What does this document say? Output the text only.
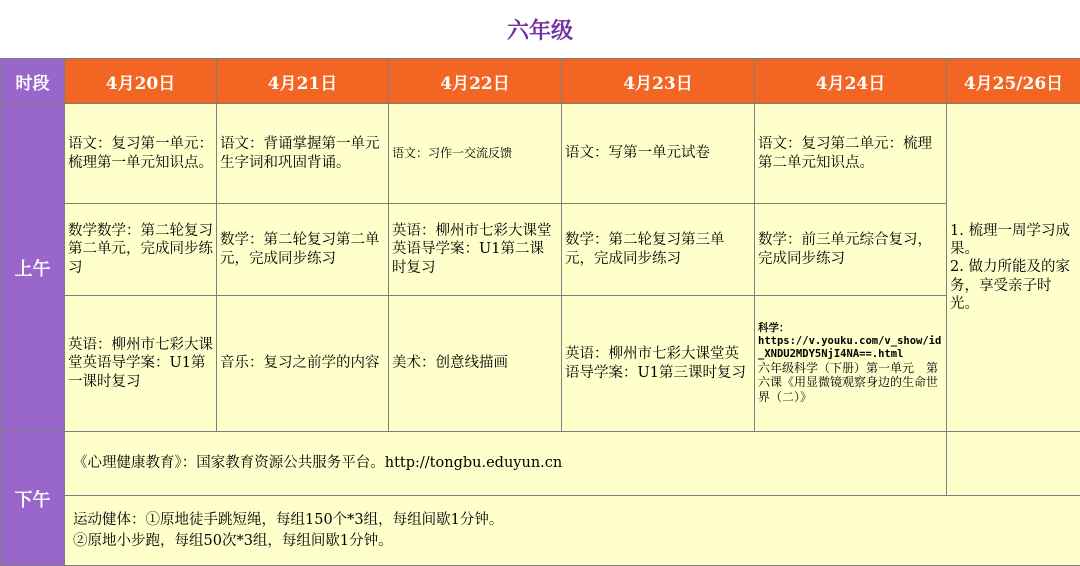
六年级
时段	4月20日	4月21日	4月22日	4月23日	4月24日	4月25/26日
上午	语文：复习第一单元：梳理第一单元知识点。	语文：背诵掌握第一单元生字词和巩固背诵。	语文：习作一交流反馈	语文：写第一单元试卷	语文：复习第二单元：梳理第二单元知识点。	1. 梳理一周学习成果。
2. 做力所能及的家务，享受亲子时光。
	数学数学：第二轮复习第二单元，完成同步练习	数学：第二轮复习第二单元，完成同步练习	英语：柳州市七彩大课堂英语导学案：U1第二课时复习	数学：第二轮复习第三单元，完成同步练习	数学：前三单元综合复习，完成同步练习	
	英语：柳州市七彩大课堂英语导学案：U1第一课时复习	音乐：复习之前学的内容	美术：创意线描画	英语：柳州市七彩大课堂英语导学案：U1第三课时复习	科学：
https://v.youku.com/v_show/id_XNDU2MDY5NjI4NA==.html
六年级科学（下册）第一单元　第六课《用显微镜观察身边的生命世界（二）》	

下午	《心理健康教育》：国家教育资源公共服务平台。http://tongbu.eduyun.cn					

	运动健体：①原地徒手跳短绳，每组150个*3组，每组间歇1分钟。
②原地小步跑，每组50次*3组，每组间歇1分钟。					
